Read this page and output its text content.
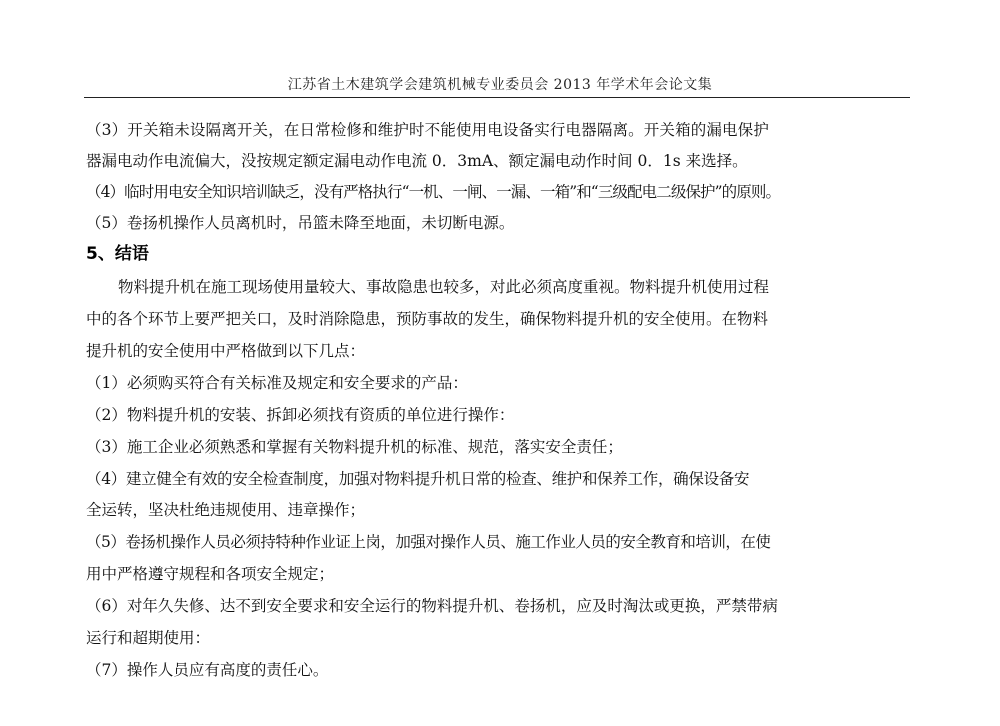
江苏省土木建筑学会建筑机械专业委员会 2013 年学术年会论文集
（3）开关箱未设隔离开关，在日常检修和维护时不能使用电设备实行电器隔离。开关箱的漏电保护
器漏电动作电流偏大，没按规定额定漏电动作电流 0．3mA、额定漏电动作时间 0．1s 来选择。
（4）临时用电安全知识培训缺乏，没有严格执行“一机、一闸、一漏、一箱”和“三级配电二级保护”的原则。
（5）卷扬机操作人员离机时，吊篮未降至地面，未切断电源。
5、结语
物料提升机在施工现场使用量较大、事故隐患也较多，对此必须高度重视。物料提升机使用过程
中的各个环节上要严把关口，及时消除隐患，预防事故的发生，确保物料提升机的安全使用。在物料
提升机的安全使用中严格做到以下几点：
（1）必须购买符合有关标准及规定和安全要求的产品：
（2）物料提升机的安装、拆卸必须找有资质的单位进行操作：
（3）施工企业必须熟悉和掌握有关物料提升机的标准、规范，落实安全责任；
（4）建立健全有效的安全检查制度，加强对物料提升机日常的检查、维护和保养工作，确保设备安
全运转，坚决杜绝违规使用、违章操作；
（5）卷扬机操作人员必须持特种作业证上岗，加强对操作人员、施工作业人员的安全教育和培训，在使
用中严格遵守规程和各项安全规定；
（6）对年久失修、达不到安全要求和安全运行的物料提升机、卷扬机，应及时淘汰或更换，严禁带病
运行和超期使用：
（7）操作人员应有高度的责任心。
